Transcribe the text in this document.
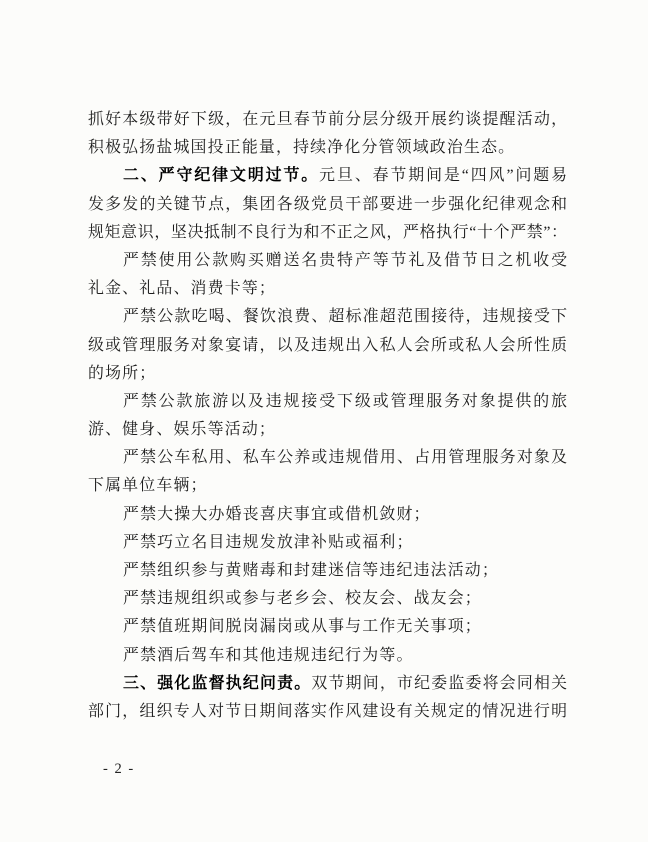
抓好本级带好下级，在元旦春节前分层分级开展约谈提醒活动，
积极弘扬盐城国投正能量，持续净化分管领域政治生态。
二、严守纪律文明过节。元旦、春节期间是“四风”问题易
发多发的关键节点，集团各级党员干部要进一步强化纪律观念和
规矩意识，坚决抵制不良行为和不正之风，严格执行“十个严禁”：
严禁使用公款购买赠送名贵特产等节礼及借节日之机收受
礼金、礼品、消费卡等；
严禁公款吃喝、餐饮浪费、超标准超范围接待，违规接受下
级或管理服务对象宴请，以及违规出入私人会所或私人会所性质
的场所；
严禁公款旅游以及违规接受下级或管理服务对象提供的旅
游、健身、娱乐等活动；
严禁公车私用、私车公养或违规借用、占用管理服务对象及
下属单位车辆；
严禁大操大办婚丧喜庆事宜或借机敛财；
严禁巧立名目违规发放津补贴或福利；
严禁组织参与黄赌毒和封建迷信等违纪违法活动；
严禁违规组织或参与老乡会、校友会、战友会；
严禁值班期间脱岗漏岗或从事与工作无关事项；
严禁酒后驾车和其他违规违纪行为等。
三、强化监督执纪问责。双节期间，市纪委监委将会同相关
部门，组织专人对节日期间落实作风建设有关规定的情况进行明
- 2 -
